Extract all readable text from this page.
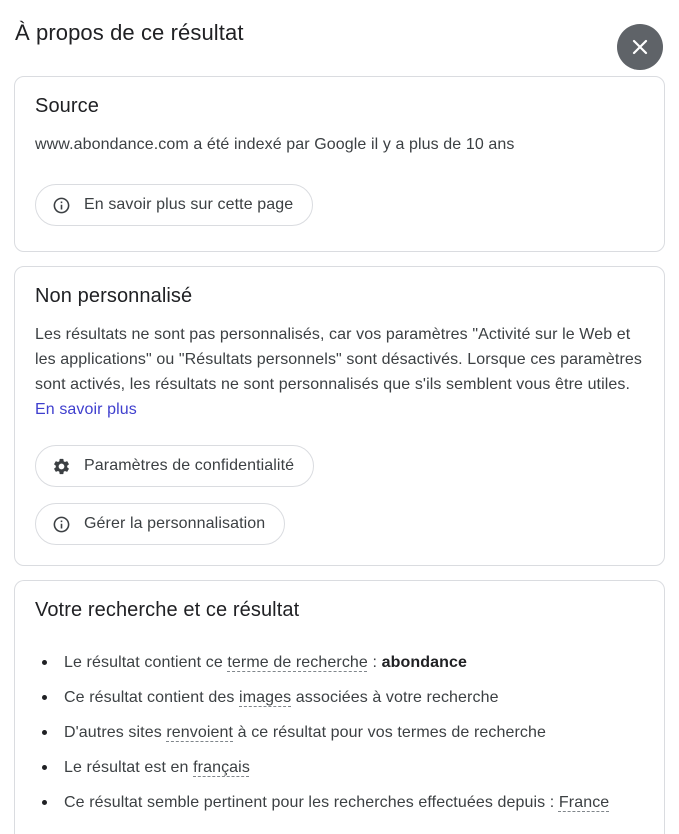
À propos de ce résultat
Source

www.abondance.com a été indexé par Google il y a plus de 10 ans

En savoir plus sur cette page
Non personnalisé

Les résultats ne sont pas personnalisés, car vos paramètres "Activité sur le Web et les applications" ou "Résultats personnels" sont désactivés. Lorsque ces paramètres sont activés, les résultats ne sont personnalisés que s'ils semblent vous être utiles. En savoir plus

Paramètres de confidentialité
Gérer la personnalisation
Votre recherche et ce résultat
Le résultat contient ce terme de recherche : abondance
Ce résultat contient des images associées à votre recherche
D'autres sites renvoient à ce résultat pour vos termes de recherche
Le résultat est en français
Ce résultat semble pertinent pour les recherches effectuées depuis : France
